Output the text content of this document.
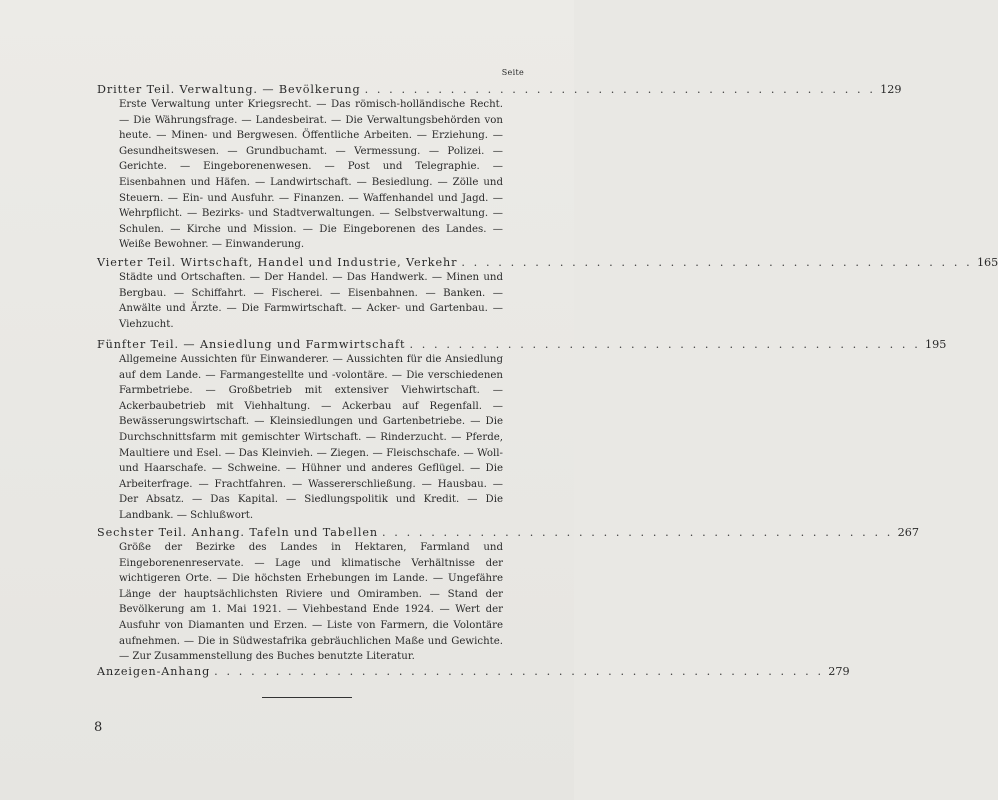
Seite
Dritter Teil. Verwaltung. — Bevölkerung . . . . . . . . . . . . . . . . . . . . . . . . . . . . . . . . . . . . . . . . . . 129
Erste Verwaltung unter Kriegsrecht. — Das römisch-holländische Recht. — Die Währungsfrage. — Landesbeirat. — Die Verwaltungsbehörden von heute. — Minen- und Bergwesen. Öffentliche Arbeiten. — Erziehung. — Gesundheitswesen. — Grundbuchamt. — Vermessung. — Polizei. — Gerichte. — Eingeborenenwesen. — Post und Telegraphie. — Eisenbahnen und Häfen. — Landwirtschaft. — Besiedlung. — Zölle und Steuern. — Ein- und Ausfuhr. — Finanzen. — Waffenhandel und Jagd. — Wehrpflicht. — Bezirks- und Stadtverwaltungen. — Selbstverwaltung. — Schulen. — Kirche und Mission. — Die Eingeborenen des Landes. — Weiße Bewohner. — Einwanderung.
Vierter Teil. Wirtschaft, Handel und Industrie, Verkehr . . . . . . . . . . . . . . . . . . . . . . . . . . . . . . . . . . . . . . . . . . 165
Städte und Ortschaften. — Der Handel. — Das Handwerk. — Minen und Bergbau. — Schiffahrt. — Fischerei. — Eisenbahnen. — Banken. — Anwälte und Ärzte. — Die Farmwirtschaft. — Acker- und Gartenbau. — Viehzucht.
Fünfter Teil. — Ansiedlung und Farmwirtschaft . . . . . . . . . . . . . . . . . . . . . . . . . . . . . . . . . . . . . . . . . . 195
Allgemeine Aussichten für Einwanderer. — Aussichten für die Ansiedlung auf dem Lande. — Farmangestellte und -volontäre. — Die verschiedenen Farmbetriebe. — Großbetrieb mit extensiver Viehwirtschaft. — Ackerbaubetrieb mit Viehhaltung. — Ackerbau auf Regenfall. — Bewässerungswirtschaft. — Kleinsiedlungen und Gartenbetriebe. — Die Durchschnittsfarm mit gemischter Wirtschaft. — Rinderzucht. — Pferde, Maultiere und Esel. — Das Kleinvieh. — Ziegen. — Fleischschafe. — Woll- und Haarschafe. — Schweine. — Hühner und anderes Geflügel. — Die Arbeiterfrage. — Frachtfahren. — Wassererschließung. — Hausbau. — Der Absatz. — Das Kapital. — Siedlungspolitik und Kredit. — Die Landbank. — Schlußwort.
Sechster Teil. Anhang. Tafeln und Tabellen . . . . . . . . . . . . . . . . . . . . . . . . . . . . . . . . . . . . . . . . . . 267
Größe der Bezirke des Landes in Hektaren, Farmland und Eingeborenenreservate. — Lage und klimatische Verhältnisse der wichtigeren Orte. — Die höchsten Erhebungen im Lande. — Ungefähre Länge der hauptsächlichsten Riviere und Omiramben. — Stand der Bevölkerung am 1. Mai 1921. — Viehbestand Ende 1924. — Wert der Ausfuhr von Diamanten und Erzen. — Liste von Farmern, die Volontäre aufnehmen. — Die in Südwestafrika gebräuchlichen Maße und Gewichte. — Zur Zusammenstellung des Buches benutzte Literatur.
Anzeigen-Anhang . . . . . . . . . . . . . . . . . . . . . . . . . . . . . . . . . . . . . . . . . . . . . . . . . . 279
8
